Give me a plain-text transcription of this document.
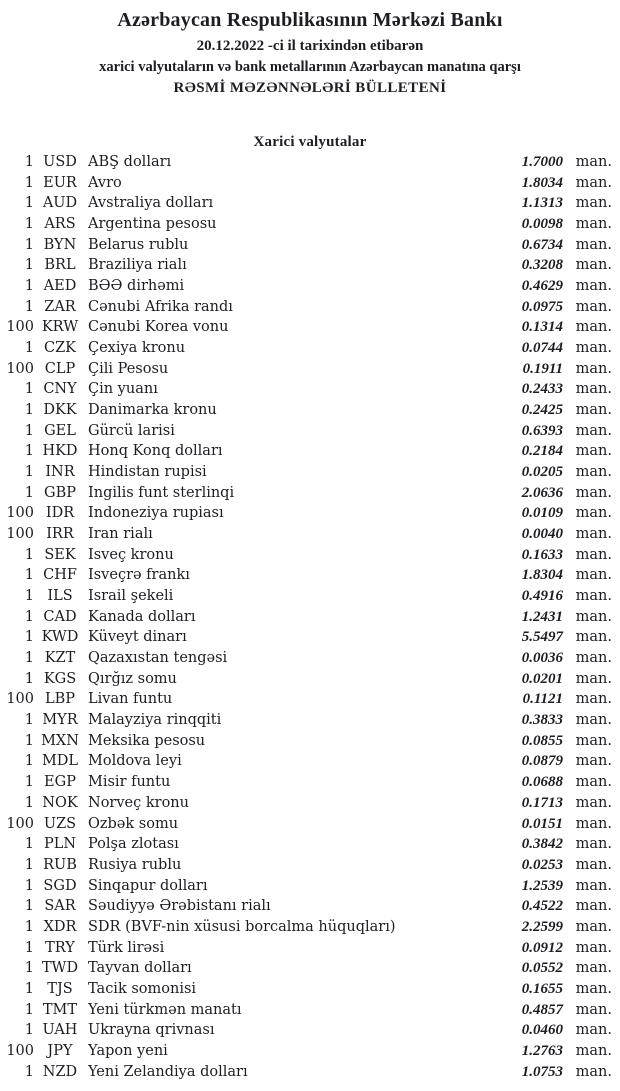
Azərbaycan Respublikasının Mərkəzi Bankı
20.12.2022 -ci il tarixindən etibarən
xarici valyutaların və bank metallarının Azərbaycan manatına qarşı
RƏSMİ MƏZƏNNƏLƏRİ BÜLLETENİ
Xarici valyutalar
1 USD ABŞ dolları	1.7000 man.
1 EUR Avro	1.8034 man.
1 AUD Avstraliya dolları	1.1313 man.
1 ARS Argentina pesosu	0.0098 man.
1 BYN Belarus rublu	0.6734 man.
1 BRL Braziliya rialı	0.3208 man.
1 AED BƏƏ dirhəmi	0.4629 man.
1 ZAR Cənubi Afrika randı	0.0975 man.
100 KRW Cənubi Korea vonu	0.1314 man.
1 CZK Çexiya kronu	0.0744 man.
100 CLP Çili Pesosu	0.1911 man.
1 CNY Çin yuanı	0.2433 man.
1 DKK Danimarka kronu	0.2425 man.
1 GEL Gürcü larisi	0.6393 man.
1 HKD Honq Konq dolları	0.2184 man.
1 INR Hindistan rupisi	0.0205 man.
1 GBP İngilis funt sterlinqi	2.0636 man.
100 IDR İndoneziya rupiası	0.0109 man.
100 IRR İran rialı	0.0040 man.
1 SEK İsveç kronu	0.1633 man.
1 CHF İsveçrə frankı	1.8304 man.
1 ILS	İsrail şekeli	0.4916 man.
1 CAD Kanada dolları	1.2431 man.
1 KWD Küveyt dinarı	5.5497 man.
1 KZT Qazaxıstan tengəsi	0.0036 man.
1 KGS Qırğız somu	0.0201 man.
100 LBP Livan funtu	0.1121 man.
1 MYR Malayziya rinqqiti	0.3833 man.
1 MXN Meksika pesosu	0.0855 man.
1 MDL Moldova leyi	0.0879 man.
1 EGP Misir funtu	0.0688 man.
1 NOK Norveç kronu	0.1713 man.
100 UZS Özbək somu	0.0151 man.
1 PLN Polşa zlotası	0.3842 man.
1 RUB Rusiya rublu	0.0253 man.
1 SGD Sinqapur dolları	1.2539 man.
1 SAR Səudiyyə Ərəbistanı rialı	0.4522 man.
1 XDR SDR (BVF-nin xüsusi borcalma hüquqları)	2.2599 man.
1 TRY Türk lirəsi	0.0912 man.
1 TWD Tayvan dolları	0.0552 man.
1 TJS	Tacik somonisi	0.1655 man.
1 TMT Yeni türkmən manatı	0.4857 man.
1 UAH Ukrayna qrivnası	0.0460 man.
100 JPY	Yapon yeni	1.2763 man.
1 NZD Yeni Zelandiya dolları	1.0753 man.
